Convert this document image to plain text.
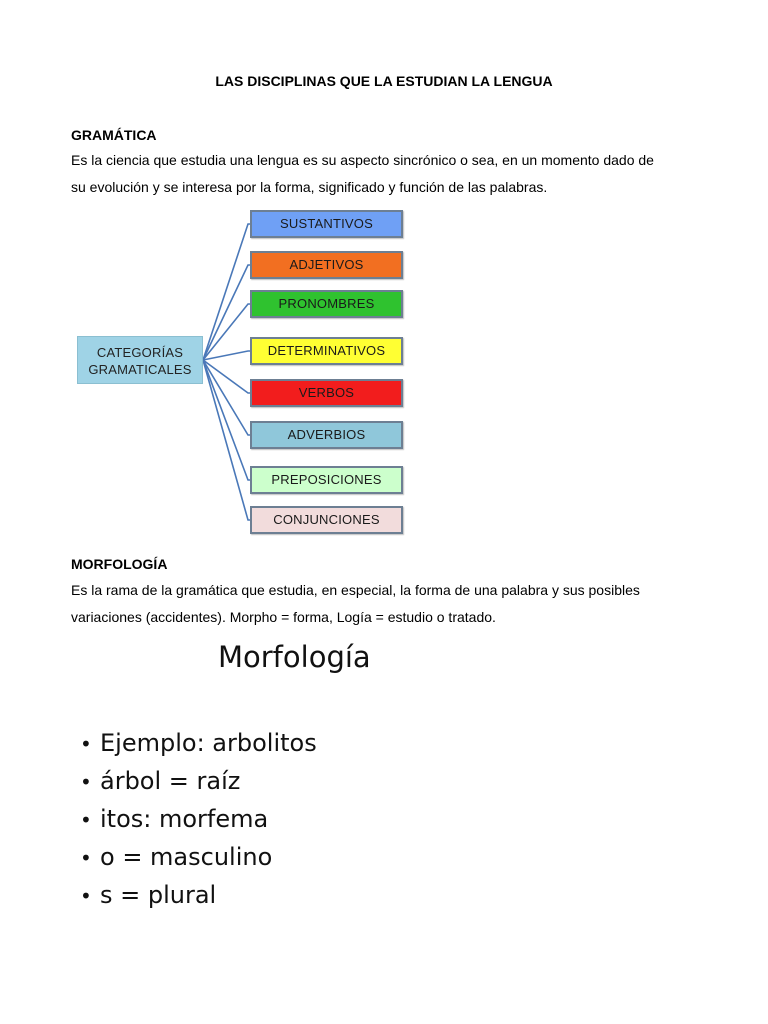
LAS DISCIPLINAS QUE LA ESTUDIAN LA LENGUA
GRAMÁTICA
Es la ciencia que estudia una lengua es su aspecto sincrónico o sea, en un momento dado de
su evolución y se interesa por la forma, significado y función de las palabras.
CATEGORÍAS
GRAMATICALES
SUSTANTIVOS
ADJETIVOS
PRONOMBRES
DETERMINATIVOS
VERBOS
ADVERBIOS
PREPOSICIONES
CONJUNCIONES
MORFOLOGÍA
Es la rama de la gramática que estudia, en especial, la forma de una palabra y sus posibles
variaciones (accidentes). Morpho = forma, Logía = estudio o tratado.
Morfología
• Ejemplo: arbolitos
• árbol = raíz
• itos: morfema
• o = masculino
• s = plural
